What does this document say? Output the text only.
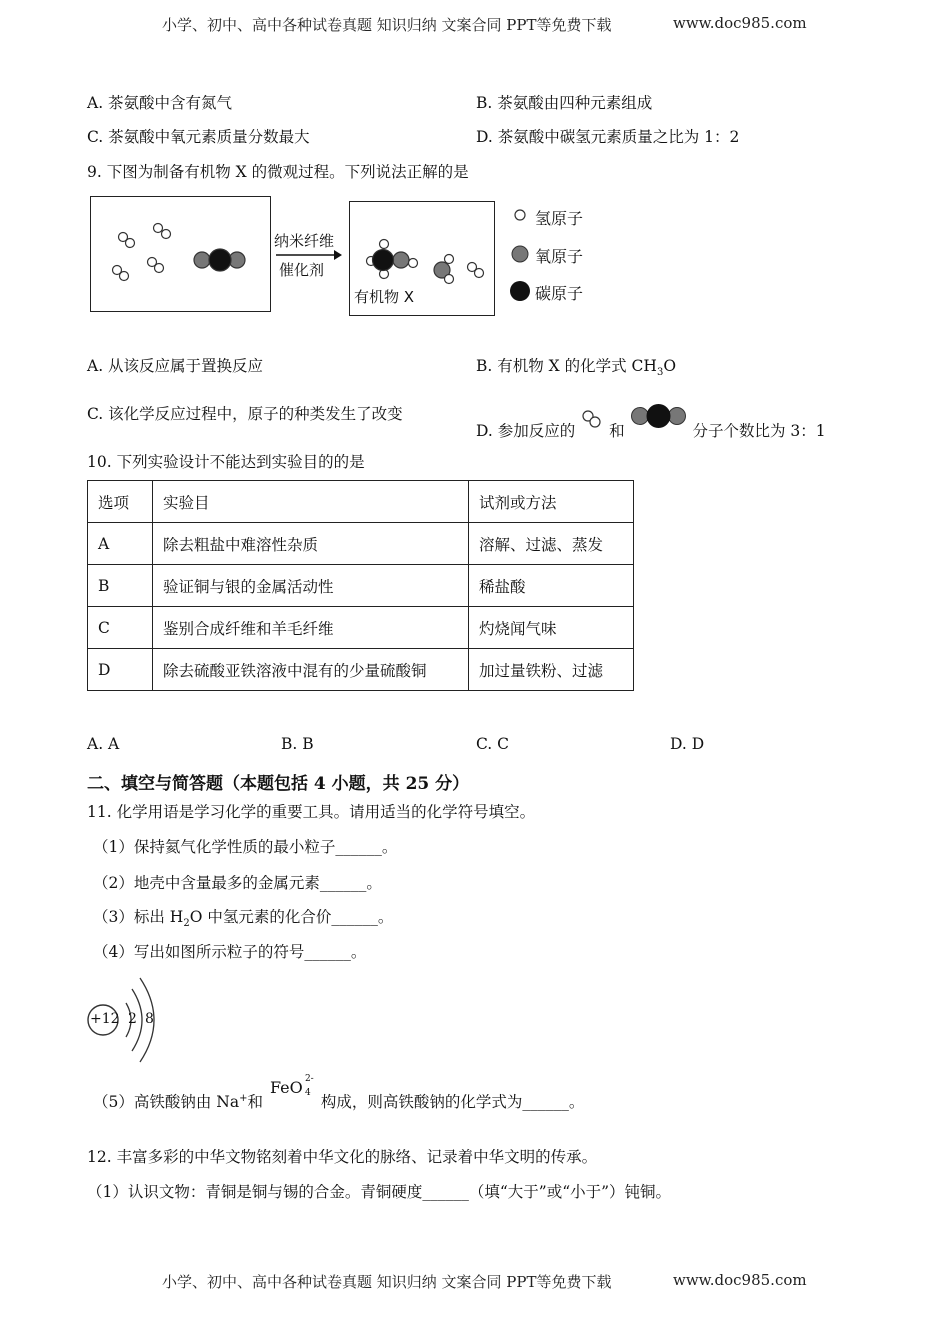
小学、初中、高中各种试卷真题 知识归纳 文案合同 PPT等免费下载	www.doc985.com
A. 茶氨酸中含有氮气	B. 茶氨酸由四种元素组成
C. 茶氨酸中氧元素质量分数最大	D. 茶氨酸中碳氢元素质量之比为 1：2
9. 下图为制备有机物 X 的微观过程。下列说法正解的是
纳米纤维
催化剂
有机物 X
氢原子
氧原子
碳原子
A. 从该反应属于置换反应	B. 有机物 X 的化学式 $CH_3O$
C. 该化学反应过程中，原子的种类发生了改变
D. 参加反应的 和	分子个数比为 3：1
10. 下列实验设计不能达到实验目的的是
选项	实验目	试剂或方法
A	除去粗盐中难溶性杂质	溶解、过滤、蒸发
B	验证铜与银的金属活动性	稀盐酸
C	鉴别合成纤维和羊毛纤维	灼烧闻气味
D	除去硫酸亚铁溶液中混有的少量硫酸铜	加过量铁粉、过滤
A. A	B. B	C. C	D. D
二、填空与简答题（本题包括 4 小题，共 25 分）
11. 化学用语是学习化学的重要工具。请用适当的化学符号填空。
（1）保持氦气化学性质的最小粒子______。
（2）地壳中含量最多的金属元素______。
（3）标出 $H_2O$ 中氢元素的化合价______。
（4）写出如图所示粒子的符号______。
+12 2 8
（5）高铁酸钠由 Na+和
FeO 2-
4 构成，则高铁酸钠的化学式为______。
12. 丰富多彩的中华文物铭刻着中华文化的脉络、记录着中华文明的传承。
（1）认识文物：青铜是铜与锡的合金。青铜硬度______（填“大于”或“小于”）钝铜。
小学、初中、高中各种试卷真题 知识归纳 文案合同 PPT等免费下载	www.doc985.com
